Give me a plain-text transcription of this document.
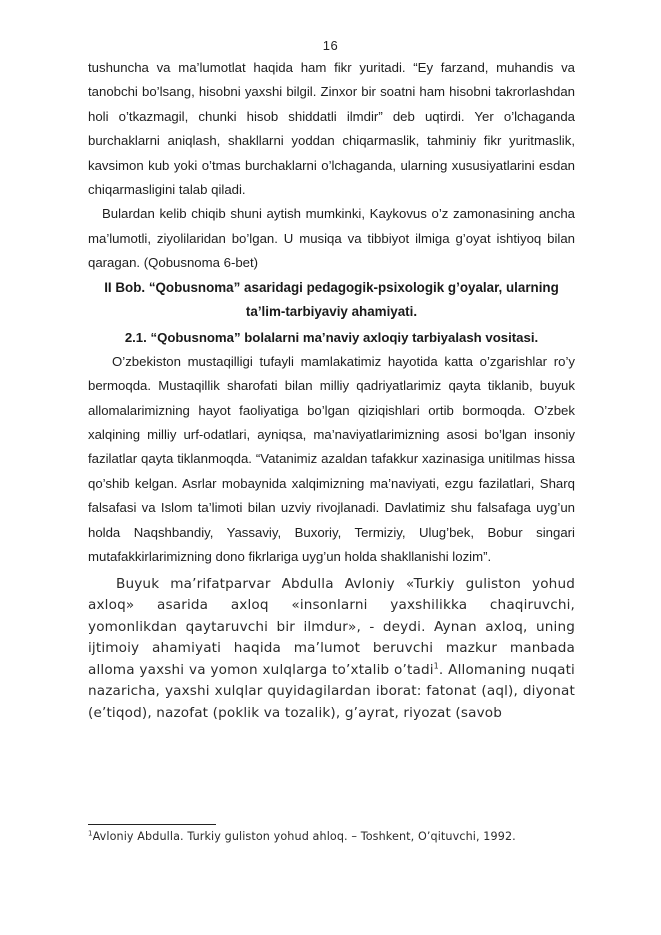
16

tushuncha va ma’lumotlat haqida ham fikr yuritadi. “Ey farzand, muhandis va tanobchi bo’lsang, hisobni yaxshi bilgil. Zinxor bir soatni ham hisobni takrorlashdan holi o’tkazmagil, chunki hisob shiddatli ilmdir” deb uqtirdi. Yer o’lchaganda burchaklarni aniqlash, shakllarni yoddan chiqarmaslik, tahminiy fikr yuritmaslik, kavsimon kub yoki o’tmas burchaklarni o’lchaganda, ularning xususiyatlarini esdan chiqarmasligini talab qiladi.

Bulardan kelib chiqib shuni aytish mumkinki, Kaykovus o’z zamonasining ancha ma’lumotli, ziyolilaridan bo’lgan. U musiqa va tibbiyot ilmiga g’oyat ishtiyoq bilan qaragan. (Qobusnoma 6-bet)

II Bob. “Qobusnoma” asaridagi pedagogik-psixologik g’oyalar, ularning ta’lim-tarbiyaviy ahamiyati.

2.1. “Qobusnoma” bolalarni ma’naviy axloqiy tarbiyalash vositasi.

O’zbekiston mustaqilligi tufayli mamlakatimiz hayotida katta o’zgarishlar ro’y bermoqda. Mustaqillik sharofati bilan milliy qadriyatlarimiz qayta tiklanib, buyuk allomalarimizning hayot faoliyatiga bo’lgan qiziqishlari ortib bormoqda. O’zbek xalqining milliy urf-odatlari, ayniqsa, ma’naviyatlarimizning asosi bo’lgan insoniy fazilatlar qayta tiklanmoqda. “Vatanimiz azaldan tafakkur xazinasiga unitilmas hissa qo’shib kelgan. Asrlar mobaynida xalqimizning ma’naviyati, ezgu fazilatlari, Sharq falsafasi va Islom ta’limoti bilan uzviy rivojlanadi. Davlatimiz shu falsafaga uyg’un holda Naqshbandiy, Yassaviy, Buxoriy, Termiziy, Ulug’bek, Bobur singari mutafakkirlarimizning dono fikrlariga uyg’un holda shakllanishi lozim”.

Buyuk ma’rifatparvar Abdulla Avloniy «Turkiy guliston yohud axloq» asarida axloq «insonlarni yaxshilikka chaqiruvchi, yomonlikdan qaytaruvchi bir ilmdur», - deydi. Aynan axloq, uning ijtimoiy ahamiyati haqida ma’lumot beruvchi mazkur manbada alloma yaxshi va yomon xulqlarga to’xtalib o’tadi$^1$. Allomaning nuqati nazaricha, yaxshi xulqlar quyidagilardan iborat: fatonat (aql), diyonat (e’tiqod), nazofat (poklik va tozalik), g’ayrat, riyozat (savob

$^1$Avloniy Abdulla. Turkiy guliston yohud ahloq. – Toshkent, O’qituvchi, 1992.
